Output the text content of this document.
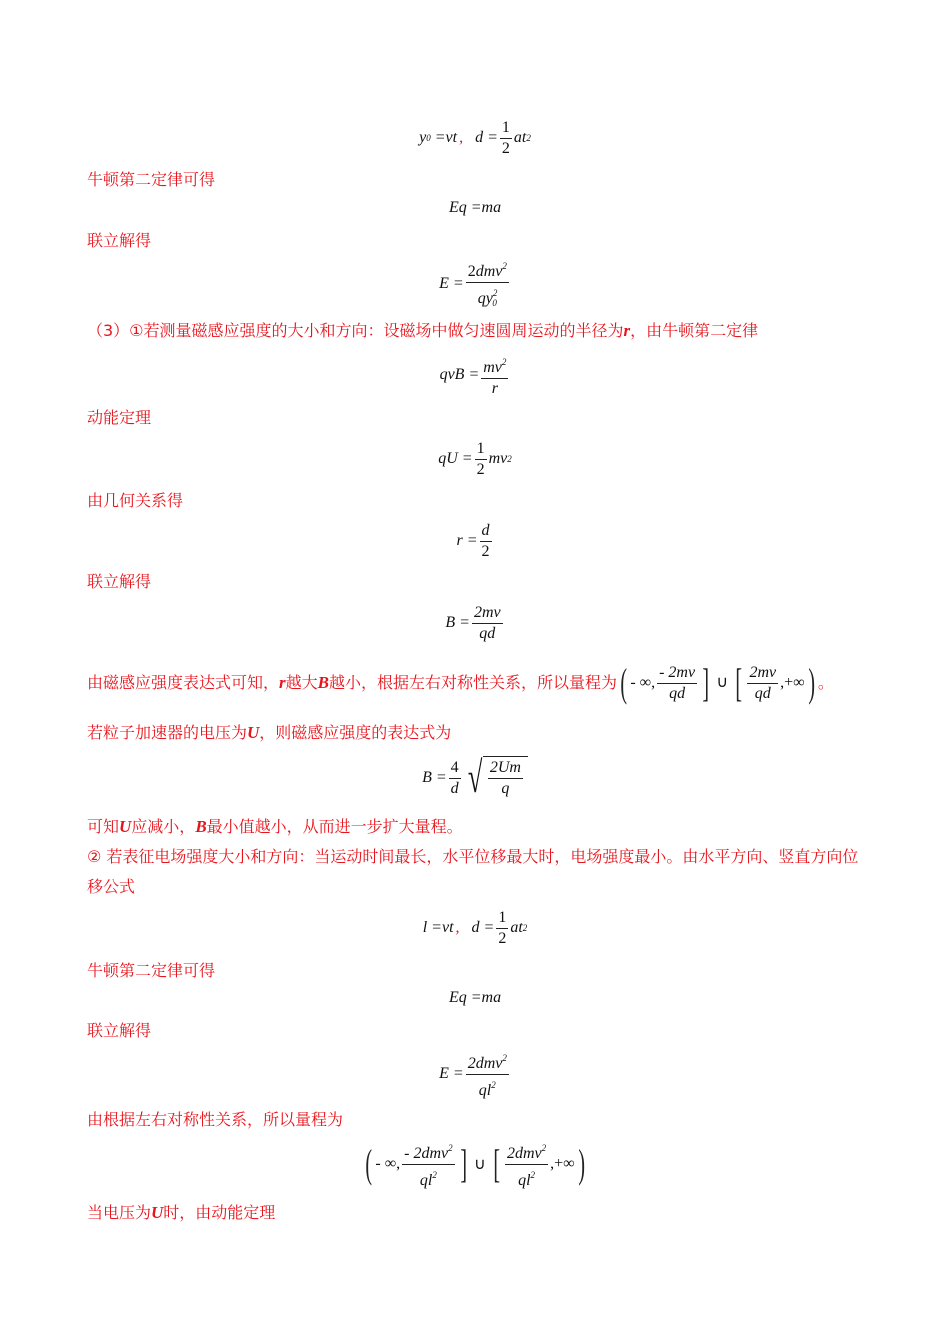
y 0 =vt , $d = \frac{1}{2}$ at 2
牛顿第二定律可得
Eq =ma
联立解得
$E = \frac{2dmv^2}{qy^2_0}$
（3）①若测量磁感应强度的大小和方向：设磁场中做匀速圆周运动的半径为r，由牛顿第二定律
qvB = $\frac{mv^2}{r}$
动能定理
qU = $\frac{1}{2}$ mv 2
由几何关系得
$r = \frac{d}{2}$
联立解得
$B = \frac{2mv}{qd}$
由磁感应强度表达式可知， r 越大 B 越小，根据左右对称性关系，所以量程为 ( - ∞, $\frac{- 2mv}{qd}$ ] ∪ [ $\frac{2mv}{qd}$ ,+∞ ) 。
若粒子加速器的电压为U，则磁感应强度的表达式为
$B = \frac{4}{d}$ √ $\frac{2Um}{q}$
可知U应减小，B最小值越小，从而进一步扩大量程。
② 若表征电场强度大小和方向：当运动时间最长，水平位移最大时，电场强度最小。由水平方向、竖直方向位移公式
l =vt , $d = \frac{1}{2}$ at 2
牛顿第二定律可得
Eq =ma
联立解得
$E = \frac{2dmv^2}{ql^2}$
由根据左右对称性关系，所以量程为
( - ∞, $\frac{- 2dmv^2}{ql^2}$ ] ∪ [ $\frac{2dmv^2}{ql^2}$ ,+∞ )
当电压为U时，由动能定理
